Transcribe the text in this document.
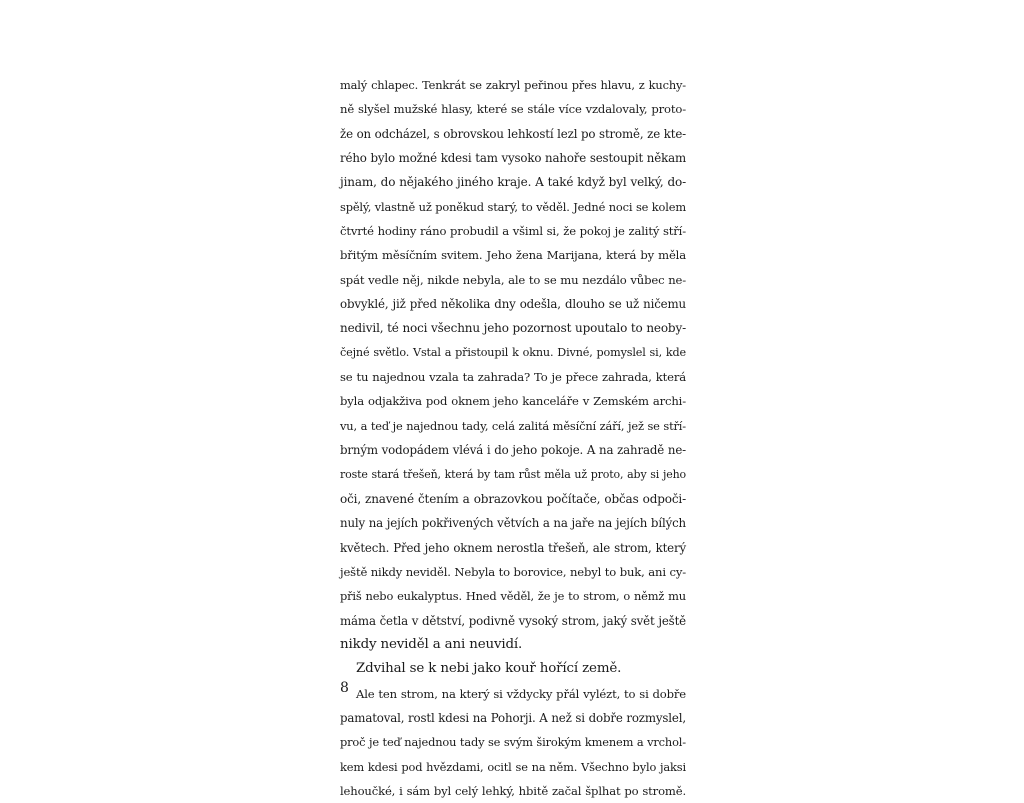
malý chlapec. Tenkrát se zakryl peřinou přes hlavu, z kuchy-
ně slyšel mužské hlasy, které se stále více vzdalovaly, proto-
že on odcházel, s obrovskou lehkostí lezl po stromě, ze kte-
rého bylo možné kdesi tam vysoko nahoře sestoupit někam
jinam, do nějakého jiného kraje. A také když byl velký, do-
spělý, vlastně už poněkud starý, to věděl. Jedné noci se kolem
čtvrté hodiny ráno probudil a všiml si, že pokoj je zalitý stří-
břitým měsíčním svitem. Jeho žena Marijana, která by měla
spát vedle něj, nikde nebyla, ale to se mu nezdálo vůbec ne-
obvyklé, již před několika dny odešla, dlouho se už ničemu
nedivil, té noci všechnu jeho pozornost upoutalo to neoby-
čejné světlo. Vstal a přistoupil k oknu. Divné, pomyslel si, kde
se tu najednou vzala ta zahrada? To je přece zahrada, která
byla odjakživa pod oknem jeho kanceláře v Zemském archi-
vu, a teď je najednou tady, celá zalitá měsíční září, jež se stří-
brným vodopádem vlévá i do jeho pokoje. A na zahradě ne-
roste stará třešeň, která by tam růst měla už proto, aby si jeho
oči, znavené čtením a obrazovkou počítače, občas odpoči-
nuly na jejích pokřivených větvích a na jaře na jejích bílých
květech. Před jeho oknem nerostla třešeň, ale strom, který
ještě nikdy neviděl. Nebyla to borovice, nebyl to buk, ani cy-
přiš nebo eukalyptus. Hned věděl, že je to strom, o němž mu
máma četla v dětství, podivně vysoký strom, jaký svět ještě
nikdy neviděl a ani neuvidí.
Zdvihal se k nebi jako kouř hořící země.
Ale ten strom, na který si vždycky přál vylézt, to si dobře
pamatoval, rostl kdesi na Pohorji. A než si dobře rozmyslel,
proč je teď najednou tady se svým širokým kmenem a vrchol-
kem kdesi pod hvězdami, ocitl se na něm. Všechno bylo jaksi
lehoučké, i sám byl celý lehký, hbitě začal šplhat po stromě.
8
